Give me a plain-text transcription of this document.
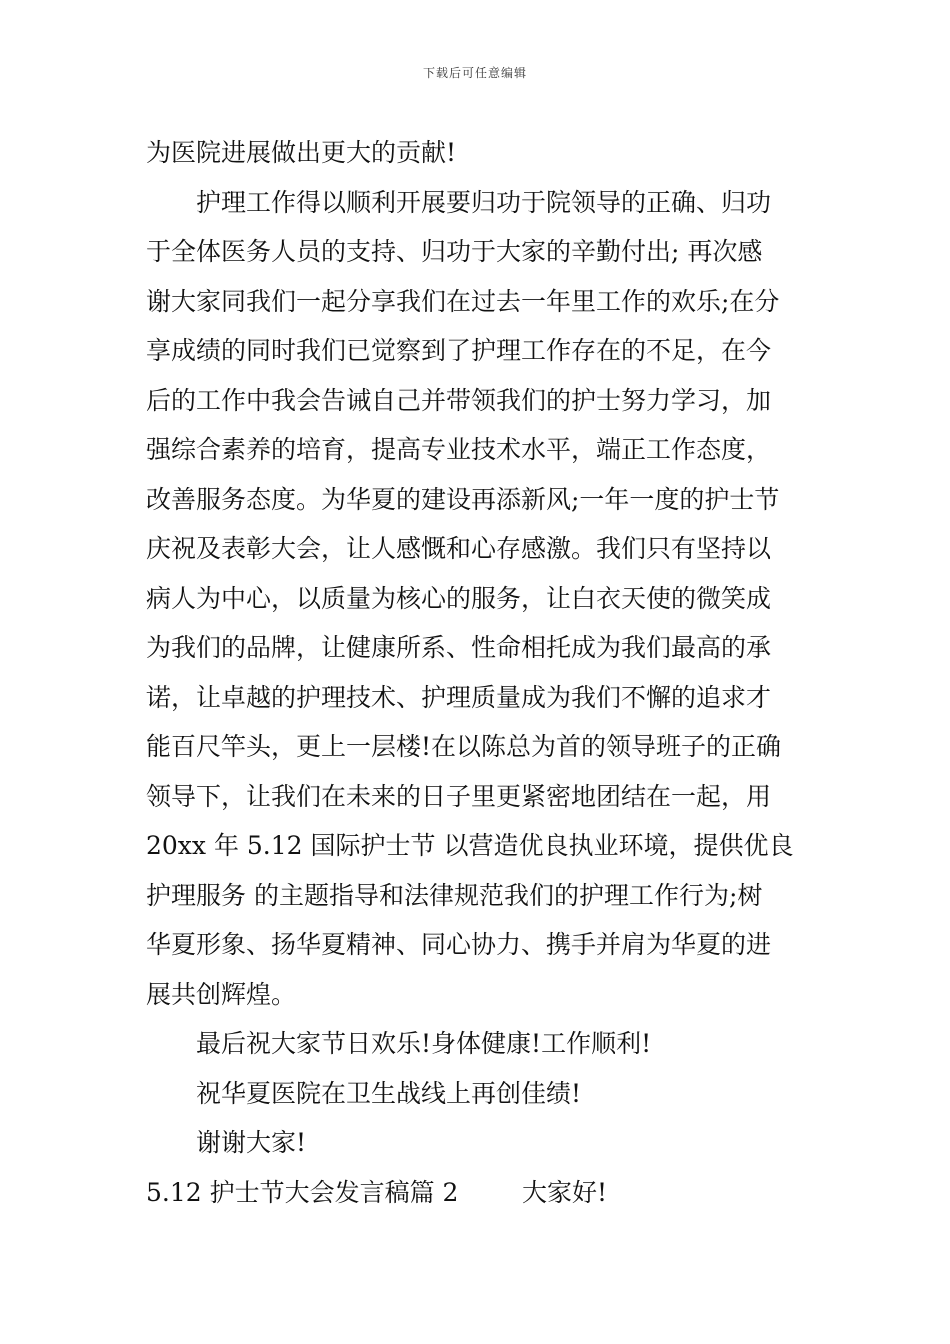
下载后可任意编辑
为医院进展做出更大的贡献!
护理工作得以顺利开展要归功于院领导的正确、归功
于全体医务人员的支持、归功于大家的辛勤付出; 再次感
谢大家同我们一起分享我们在过去一年里工作的欢乐;在分
享成绩的同时我们已觉察到了护理工作存在的不足，在今
后的工作中我会告诫自己并带领我们的护士努力学习，加
强综合素养的培育，提高专业技术水平，端正工作态度，
改善服务态度。为华夏的建设再添新风;一年一度的护士节
庆祝及表彰大会，让人感慨和心存感激。我们只有坚持以
病人为中心，以质量为核心的服务，让白衣天使的微笑成
为我们的品牌，让健康所系、性命相托成为我们最高的承
诺，让卓越的护理技术、护理质量成为我们不懈的追求才
能百尺竿头，更上一层楼!在以陈总为首的领导班子的正确
领导下，让我们在未来的日子里更紧密地团结在一起，用
20xx 年 5.12 国际护士节 以营造优良执业环境，提供优良
护理服务 的主题指导和法律规范我们的护理工作行为;树
华夏形象、扬华夏精神、同心协力、携手并肩为华夏的进
展共创辉煌。
最后祝大家节日欢乐!身体健康!工作顺利!
祝华夏医院在卫生战线上再创佳绩!
谢谢大家!
5.12 护士节大会发言稿篇 2        大家好!
